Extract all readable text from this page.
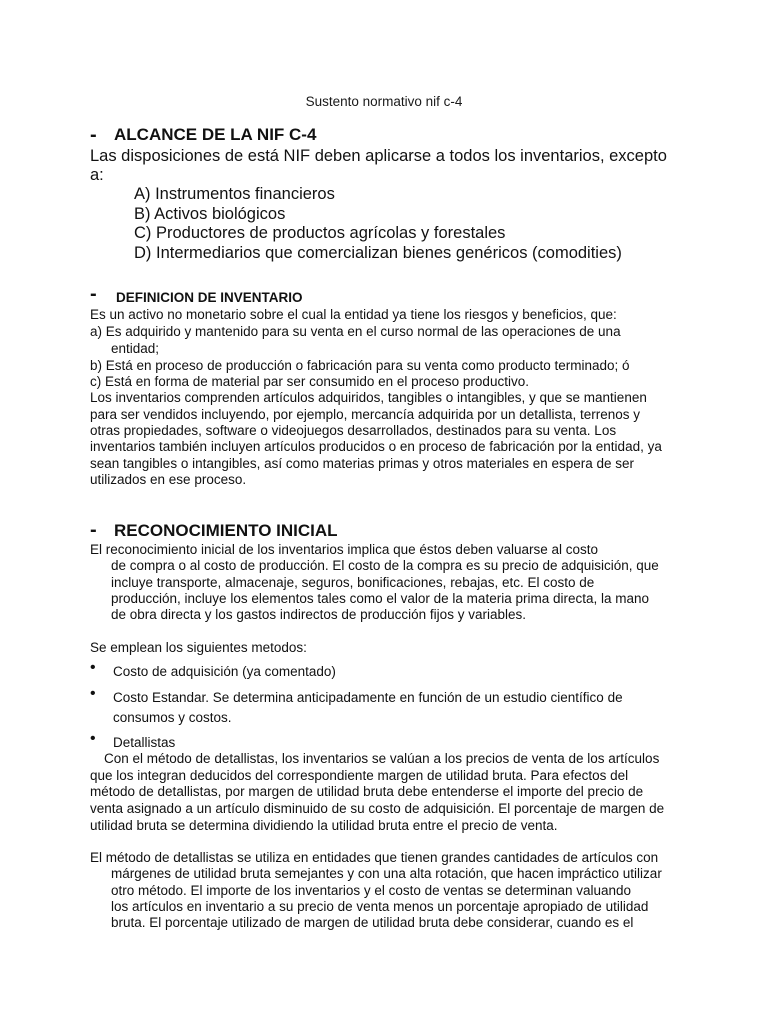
Sustento normativo nif c-4
- ALCANCE DE LA NIF C-4
Las disposiciones de está NIF deben aplicarse a todos los inventarios, excepto
a:
A) Instrumentos financieros
B) Activos biológicos
C) Productores de productos agrícolas y forestales
D) Intermediarios que comercializan bienes genéricos (comodities)
- DEFINICION DE INVENTARIO
Es un activo no monetario sobre el cual la entidad ya tiene los riesgos y beneficios, que:
a) Es adquirido y mantenido para su venta en el curso normal de las operaciones de una
entidad;
b) Está en proceso de producción o fabricación para su venta como producto terminado; ó
c) Está en forma de material par ser consumido en el proceso productivo.
Los inventarios comprenden artículos adquiridos, tangibles o intangibles, y que se mantienen
para ser vendidos incluyendo, por ejemplo, mercancía adquirida por un detallista, terrenos y
otras propiedades, software o videojuegos desarrollados, destinados para su venta. Los
inventarios también incluyen artículos producidos o en proceso de fabricación por la entidad, ya
sean tangibles o intangibles, así como materias primas y otros materiales en espera de ser
utilizados en ese proceso.
- RECONOCIMIENTO INICIAL
El reconocimiento inicial de los inventarios implica que éstos deben valuarse al costo
de compra o al costo de producción. El costo de la compra es su precio de adquisición, que
incluye transporte, almacenaje, seguros, bonificaciones, rebajas, etc. El costo de
producción, incluye los elementos tales como el valor de la materia prima directa, la mano
de obra directa y los gastos indirectos de producción fijos y variables.
Se emplean los siguientes metodos:
• Costo de adquisición (ya comentado)
• Costo Estandar. Se determina anticipadamente en función de un estudio científico de
consumos y costos.
• Detallistas
Con el método de detallistas, los inventarios se valúan a los precios de venta de los artículos
que los integran deducidos del correspondiente margen de utilidad bruta. Para efectos del
método de detallistas, por margen de utilidad bruta debe entenderse el importe del precio de
venta asignado a un artículo disminuido de su costo de adquisición. El porcentaje de margen de
utilidad bruta se determina dividiendo la utilidad bruta entre el precio de venta.
El método de detallistas se utiliza en entidades que tienen grandes cantidades de artículos con
márgenes de utilidad bruta semejantes y con una alta rotación, que hacen impráctico utilizar
otro método. El importe de los inventarios y el costo de ventas se determinan valuando
los artículos en inventario a su precio de venta menos un porcentaje apropiado de utilidad
bruta. El porcentaje utilizado de margen de utilidad bruta debe considerar, cuando es el
